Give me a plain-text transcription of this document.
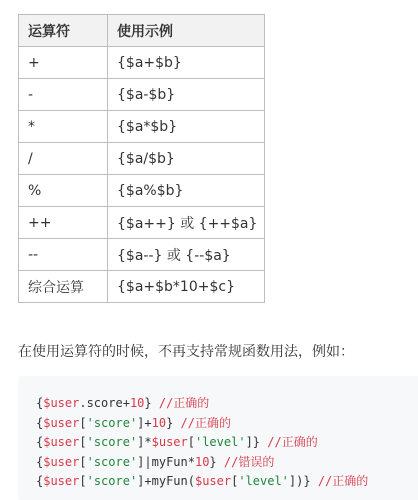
运算符	使用示例
+	{$a+$b}
-	{$a-$b}
*	{$a*$b}
/	{$a/$b}
%	{$a%$b}
++	{$a++} 或 {++$a}
--	{$a--} 或 {--$a}
综合运算	{$a+$b*10+$c}
在使用运算符的时候，不再支持常规函数用法，例如：
{$user.score+10} //正确的
{$user['score']+10} //正确的
{$user['score']*$user['level']} //正确的
{$user['score']|myFun*10} //错误的
{$user['score']+myFun($user['level'])} //正确的
